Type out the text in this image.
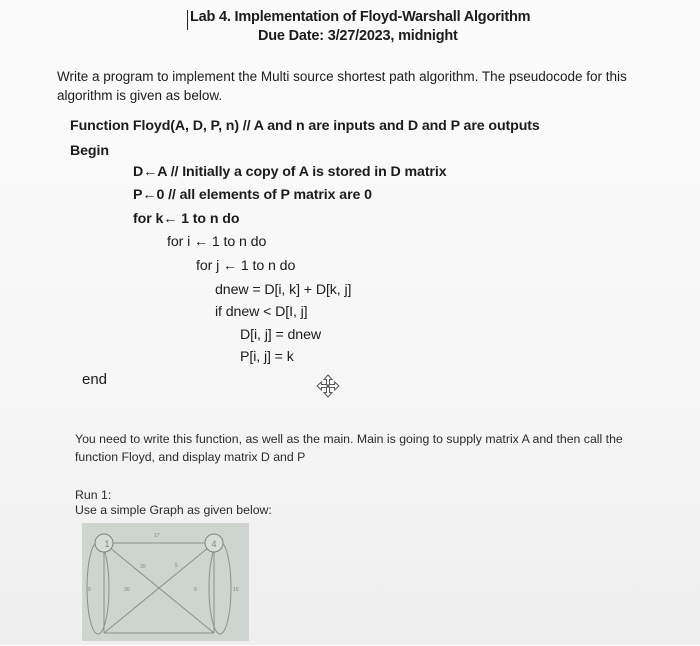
Lab 4. Implementation of Floyd-Warshall Algorithm
Due Date: 3/27/2023, midnight
Write a program to implement the Multi source shortest path algorithm. The pseudocode for this algorithm is given as below.
Function Floyd(A, D, P, n) // A and n are inputs and D and P are outputs
Begin
D←A // Initially a copy of A is stored in D matrix
P←0 // all elements of P matrix are 0
for k← 1 to n do
for i ← 1 to n do
for j ← 1 to n do
dnew = D[i, k] + D[k, j]
if dnew < D[I, j]
D[i, j] = dnew
P[i, j] = k
end
You need to write this function, as well as the main. Main is going to supply matrix A and then call the function Floyd, and display matrix D and P
Run 1:
Use a simple Graph as given below:
1	4
17
30
30	9
5
15
9
